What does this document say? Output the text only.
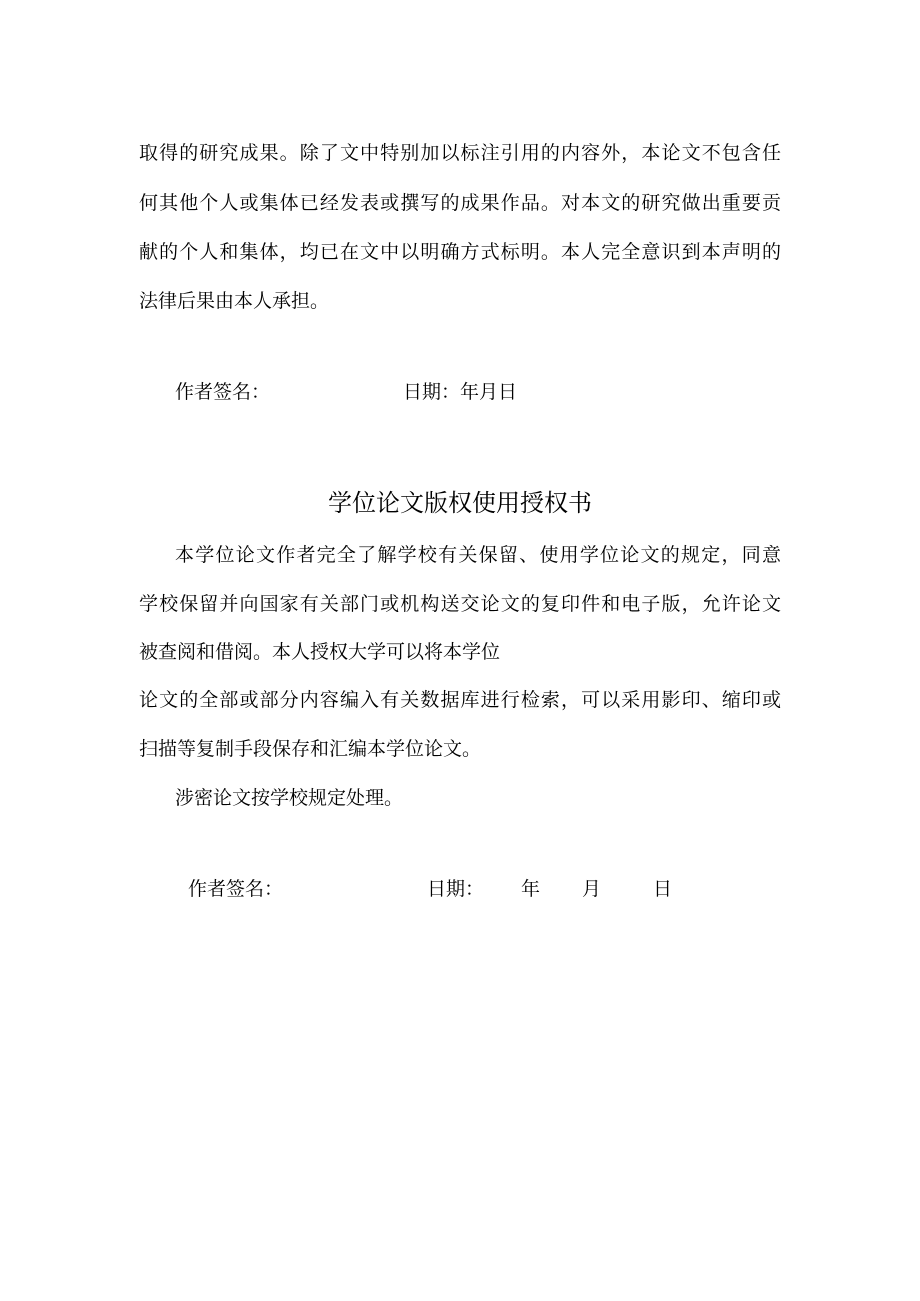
取得的研究成果。除了文中特别加以标注引用的内容外，本论文不包含任
何其他个人或集体已经发表或撰写的成果作品。对本文的研究做出重要贡
献的个人和集体，均已在文中以明确方式标明。本人完全意识到本声明的
法律后果由本人承担。
作者签名：	日期：年月日
学位论文版权使用授权书
本学位论文作者完全了解学校有关保留、使用学位论文的规定，同意
学校保留并向国家有关部门或机构送交论文的复印件和电子版，允许论文
被查阅和借阅。本人授权大学可以将本学位
论文的全部或部分内容编入有关数据库进行检索，可以采用影印、缩印或
扫描等复制手段保存和汇编本学位论文。
涉密论文按学校规定处理。
作者签名：	日期： 年 月	日
